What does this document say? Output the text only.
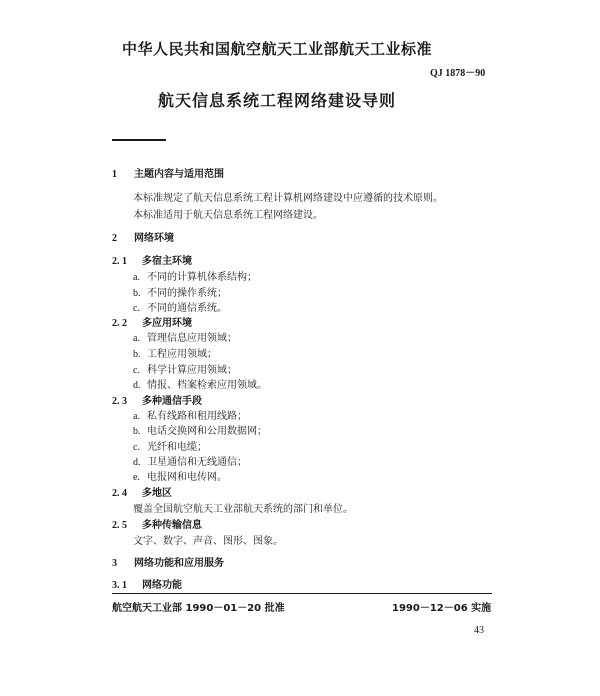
中华人民共和国航空航天工业部航天工业标准
QJ 1878－90
航天信息系统工程网络建设导则
1 主题内容与适用范围
本标准规定了航天信息系统工程计算机网络建设中应遵循的技术原则。
本标准适用于航天信息系统工程网络建设。
2 网络环境
2. 1 多宿主环境
a. 不同的计算机体系结构；
b. 不同的操作系统；
c. 不同的通信系统。
2. 2 多应用环境
a. 管理信息应用领域；
b. 工程应用领域；
c. 科学计算应用领域；
d. 情报、档案检索应用领域。
2. 3 多种通信手段
a. 私有线路和租用线路；
b. 电话交换网和公用数据网；
c. 光纤和电缆；
d. 卫星通信和无线通信；
e. 电报网和电传网。
2. 4 多地区
覆盖全国航空航天工业部航天系统的部门和单位。
2. 5 多种传输信息
文字、数字、声音、图形、图象。
3 网络功能和应用服务
3. 1 网络功能
航空航天工业部 1990－01－20 批准	1990－12－06 实施
43
